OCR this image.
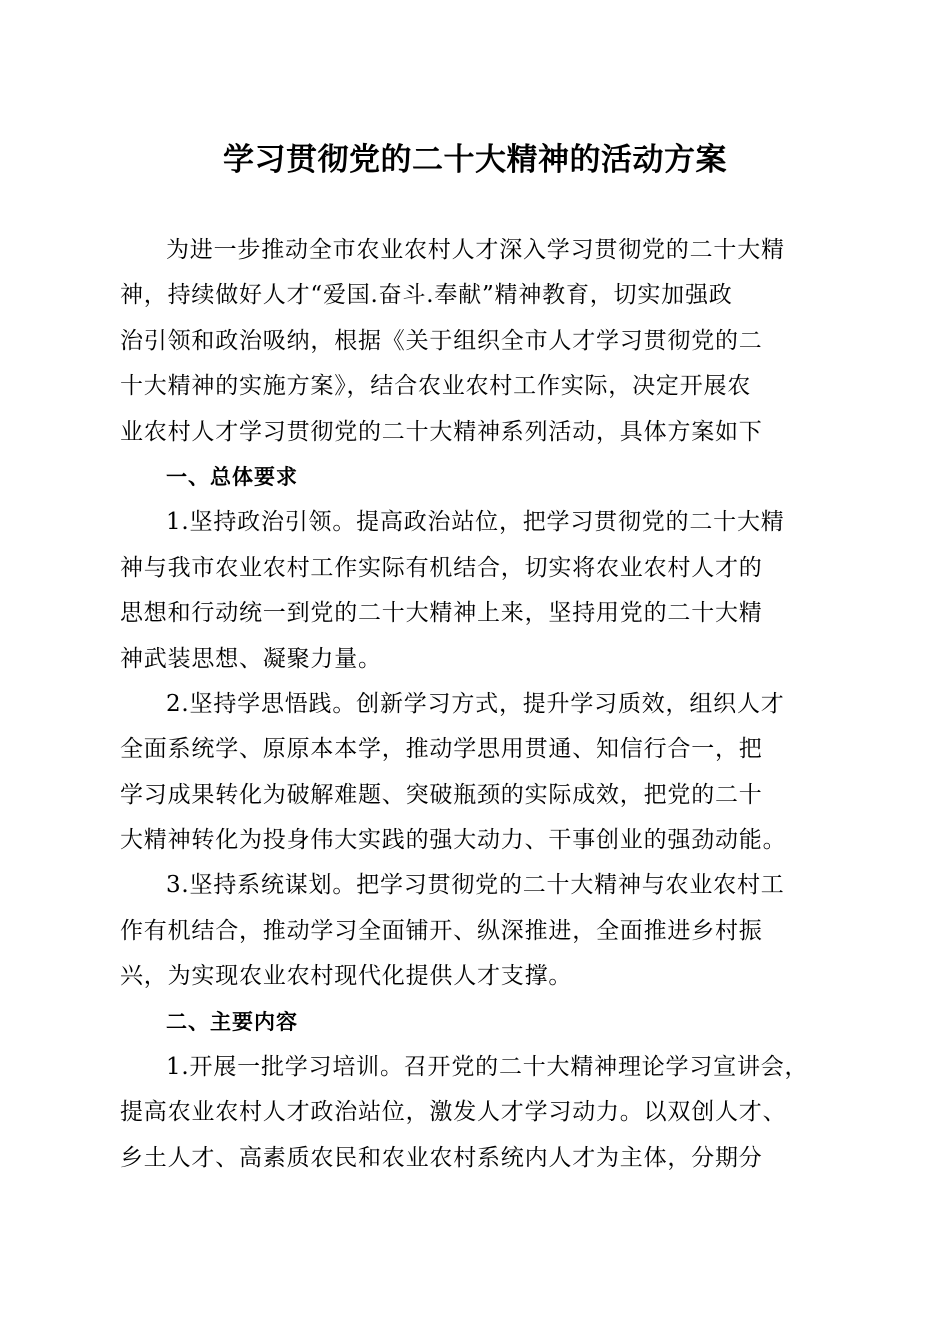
学习贯彻党的二十大精神的活动方案
为进一步推动全市农业农村人才深入学习贯彻党的二十大精
神，持续做好人才“爱国.奋斗.奉献”精神教育，切实加强政
治引领和政治吸纳，根据《关于组织全市人才学习贯彻党的二
十大精神的实施方案》，结合农业农村工作实际，决定开展农
业农村人才学习贯彻党的二十大精神系列活动，具体方案如下
一、总体要求
1.坚持政治引领。提高政治站位，把学习贯彻党的二十大精
神与我市农业农村工作实际有机结合，切实将农业农村人才的
思想和行动统一到党的二十大精神上来，坚持用党的二十大精
神武装思想、凝聚力量。
2.坚持学思悟践。创新学习方式，提升学习质效，组织人才
全面系统学、原原本本学，推动学思用贯通、知信行合一，把
学习成果转化为破解难题、突破瓶颈的实际成效，把党的二十
大精神转化为投身伟大实践的强大动力、干事创业的强劲动能。
3.坚持系统谋划。把学习贯彻党的二十大精神与农业农村工
作有机结合，推动学习全面铺开、纵深推进，全面推进乡村振
兴，为实现农业农村现代化提供人才支撑。
二、主要内容
1.开展一批学习培训。召开党的二十大精神理论学习宣讲会，
提高农业农村人才政治站位，激发人才学习动力。以双创人才、
乡土人才、高素质农民和农业农村系统内人才为主体，分期分
